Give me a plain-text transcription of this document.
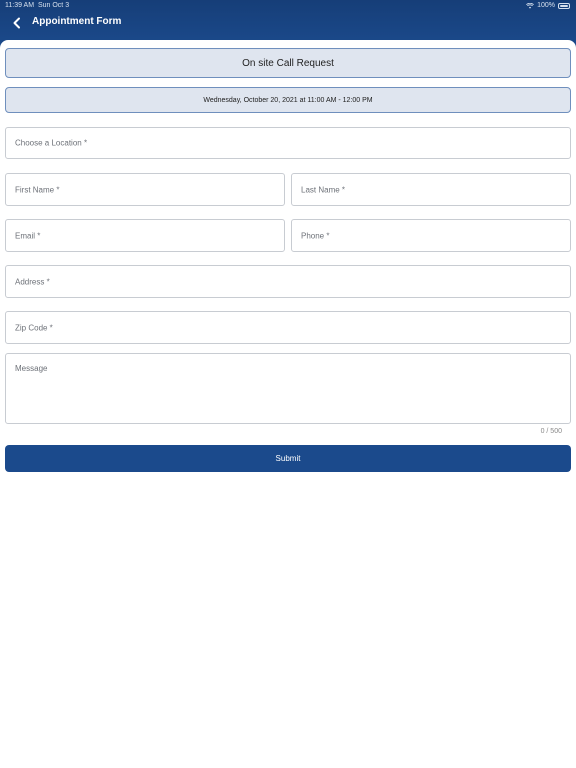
11:39 AM Sun Oct 3	100%
Appointment Form
On site Call Request
Wednesday, October 20, 2021 at 11:00 AM - 12:00 PM
Choose a Location *
First Name *	Last Name *
Email *	Phone *
Address *
Zip Code *
Message
0 / 500
Submit
